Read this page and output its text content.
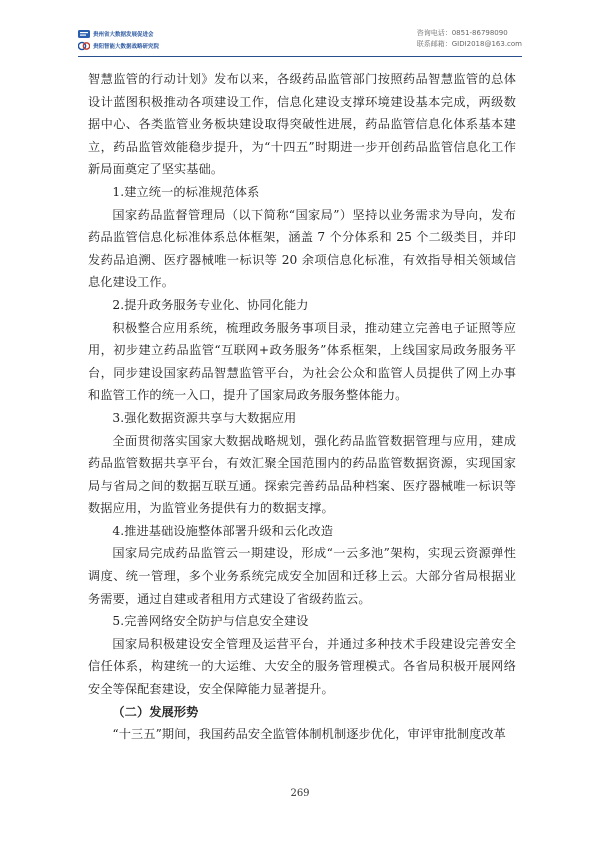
贵州省大数据发展促进会
贵阳智能大数据战略研究院
咨询电话：0851-86798090
联系邮箱：GIDI2018@163.com

智慧监管的行动计划》发布以来，各级药品监管部门按照药品智慧监管的总体设计蓝图积极推动各项建设工作，信息化建设支撑环境建设基本完成，两级数据中心、各类监管业务板块建设取得突破性进展，药品监管信息化体系基本建立，药品监管效能稳步提升，为“十四五”时期进一步开创药品监管信息化工作新局面奠定了坚实基础。

1.建立统一的标准规范体系

国家药品监督管理局（以下简称“国家局”）坚持以业务需求为导向，发布药品监管信息化标准体系总体框架，涵盖 7 个分体系和 25 个二级类目，并印发药品追溯、医疗器械唯一标识等 20 余项信息化标准，有效指导相关领域信息化建设工作。

2.提升政务服务专业化、协同化能力

积极整合应用系统，梳理政务服务事项目录，推动建立完善电子证照等应用，初步建立药品监管“互联网+政务服务”体系框架，上线国家局政务服务平台，同步建设国家药品智慧监管平台，为社会公众和监管人员提供了网上办事和监管工作的统一入口，提升了国家局政务服务整体能力。

3.强化数据资源共享与大数据应用

全面贯彻落实国家大数据战略规划，强化药品监管数据管理与应用，建成药品监管数据共享平台，有效汇聚全国范围内的药品监管数据资源，实现国家局与省局之间的数据互联互通。探索完善药品品种档案、医疗器械唯一标识等数据应用，为监管业务提供有力的数据支撑。

4.推进基础设施整体部署升级和云化改造

国家局完成药品监管云一期建设，形成“一云多池”架构，实现云资源弹性调度、统一管理，多个业务系统完成安全加固和迁移上云。大部分省局根据业务需要，通过自建或者租用方式建设了省级药监云。

5.完善网络安全防护与信息安全建设

国家局积极建设安全管理及运营平台，并通过多种技术手段建设完善安全信任体系，构建统一的大运维、大安全的服务管理模式。各省局积极开展网络安全等保配套建设，安全保障能力显著提升。

（二）发展形势

“十三五”期间，我国药品安全监管体制机制逐步优化，审评审批制度改革

269
